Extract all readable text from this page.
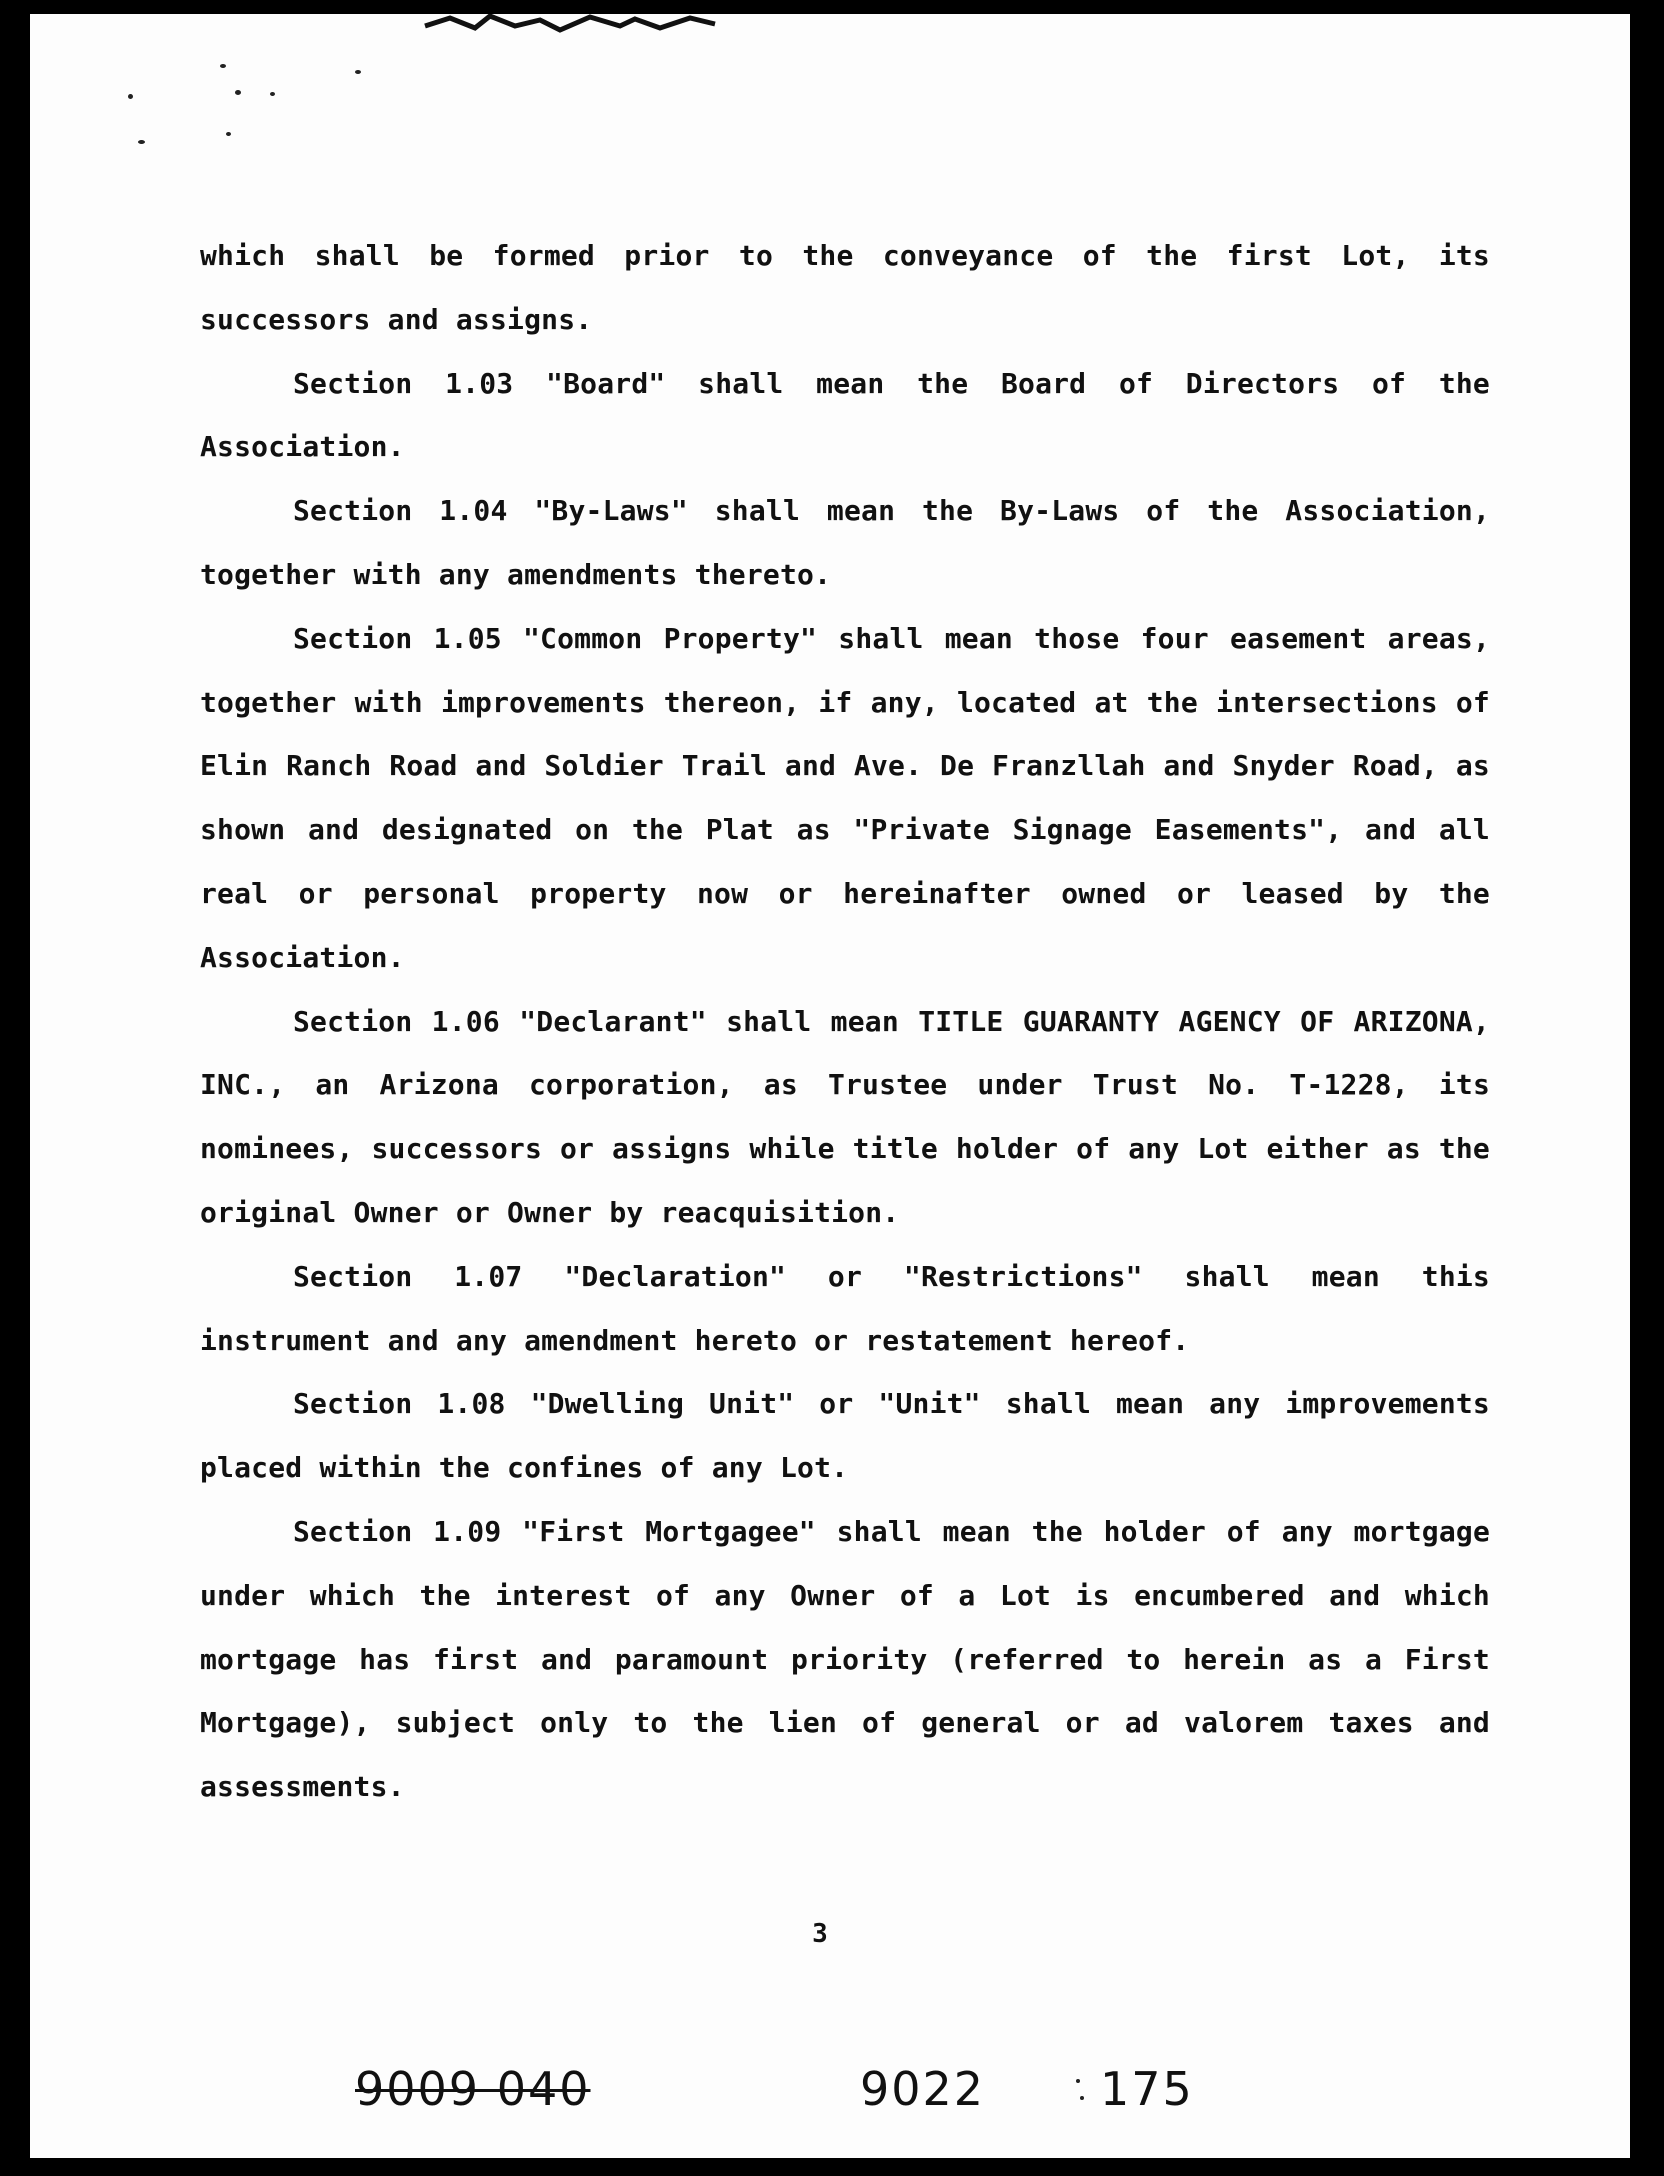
which shall be formed prior to the conveyance of the first Lot, its successors and assigns.

Section 1.03 "Board" shall mean the Board of Directors of the Association.

Section 1.04 "By-Laws" shall mean the By-Laws of the Association, together with any amendments thereto.

Section 1.05 "Common Property" shall mean those four easement areas, together with improvements thereon, if any, located at the intersections of Elin Ranch Road and Soldier Trail and Ave. De Franzllah and Snyder Road, as shown and designated on the Plat as "Private Signage Easements", and all real or personal property now or hereinafter owned or leased by the Association.

Section 1.06 "Declarant" shall mean TITLE GUARANTY AGENCY OF ARIZONA, INC., an Arizona corporation, as Trustee under Trust No. T-1228, its nominees, successors or assigns while title holder of any Lot either as the original Owner or Owner by reacquisition.

Section 1.07 "Declaration" or "Restrictions" shall mean this instrument and any amendment hereto or restatement hereof.

Section 1.08 "Dwelling Unit" or "Unit" shall mean any improvements placed within the confines of any Lot.

Section 1.09 "First Mortgagee" shall mean the holder of any mortgage under which the interest of any Owner of a Lot is encumbered and which mortgage has first and paramount priority (referred to herein as a First Mortgage), subject only to the lien of general or ad valorem taxes and assessments.

3
9009 040	9022 175
